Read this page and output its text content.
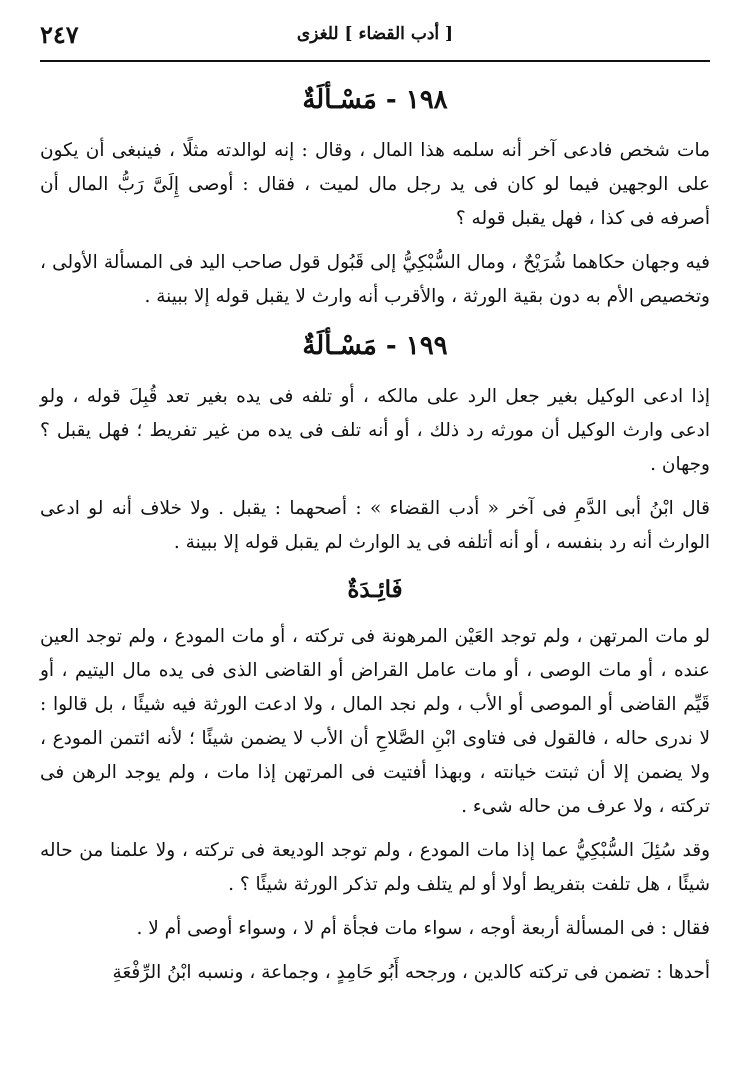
٢٤٧	[ أدب القضاء ] للغزى
١٩٨ - مَسْـألَةٌ

مات شخص فادعى آخر أنه سلمه هذا المال ، وقال : إنه لوالدته مثلًا ، فينبغى أن يكون على الوجهين فيما لو كان فى يد رجل مال لميت ، فقال : أوصى إِلَىَّ رَبُّ المال أن أصرفه فى كذا ، فهل يقبل قوله ؟

فيه وجهان حكاهما شُرَيْحٌ ، ومال السُّبْكِيُّ إلى قَبُول قول صاحب اليد فى المسألة الأولى ، وتخصيص الأم به دون بقية الورثة ، والأقرب أنه وارث لا يقبل قوله إلا ببينة .

١٩٩ - مَسْـألَةٌ

إذا ادعى الوكيل بغير جعل الرد على مالكه ، أو تلفه فى يده بغير تعد قُبِلَ قوله ، ولو ادعى وارث الوكيل أن مورثه رد ذلك ، أو أنه تلف فى يده من غير تفريط ؛ فهل يقبل ؟ وجهان .

قال ابْنُ أبى الدَّمِ فى آخر « أدب القضاء » : أصحهما : يقبل . ولا خلاف أنه لو ادعى الوارث أنه رد بنفسه ، أو أنه أتلفه فى يد الوارث لم يقبل قوله إلا ببينة .

فَائِـدَةٌ

لو مات المرتهن ، ولم توجد العَيْن المرهونة فى تركته ، أو مات المودع ، ولم توجد العين عنده ، أو مات الوصى ، أو مات عامل القراض أو القاضى الذى فى يده مال اليتيم ، أو قَيِّم القاضى أو الموصى أو الأب ، ولم نجد المال ، ولا ادعت الورثة فيه شيئًا ، بل قالوا : لا ندرى حاله ، فالقول فى فتاوى ابْنِ الصَّلاحِ أن الأب لا يضمن شيئًا ؛ لأنه ائتمن المودع ، ولا يضمن إلا أن ثبتت خيانته ، وبهذا أفتيت فى المرتهن إذا مات ، ولم يوجد الرهن فى تركته ، ولا عرف من حاله شىء .

وقد سُئِلَ السُّبْكِيُّ عما إذا مات المودع ، ولم توجد الوديعة فى تركته ، ولا علمنا من حاله شيئًا ، هل تلفت بتفريط أولا أو لم يتلف ولم تذكر الورثة شيئًا ؟ .

فقال : فى المسألة أربعة أوجه ، سواء مات فجأة أم لا ، وسواء أوصى أم لا .

أحدها : تضمن فى تركته كالدين ، ورجحه أَبُو حَامِدٍ ، وجماعة ، ونسبه ابْنُ الرِّفْعَةِ
